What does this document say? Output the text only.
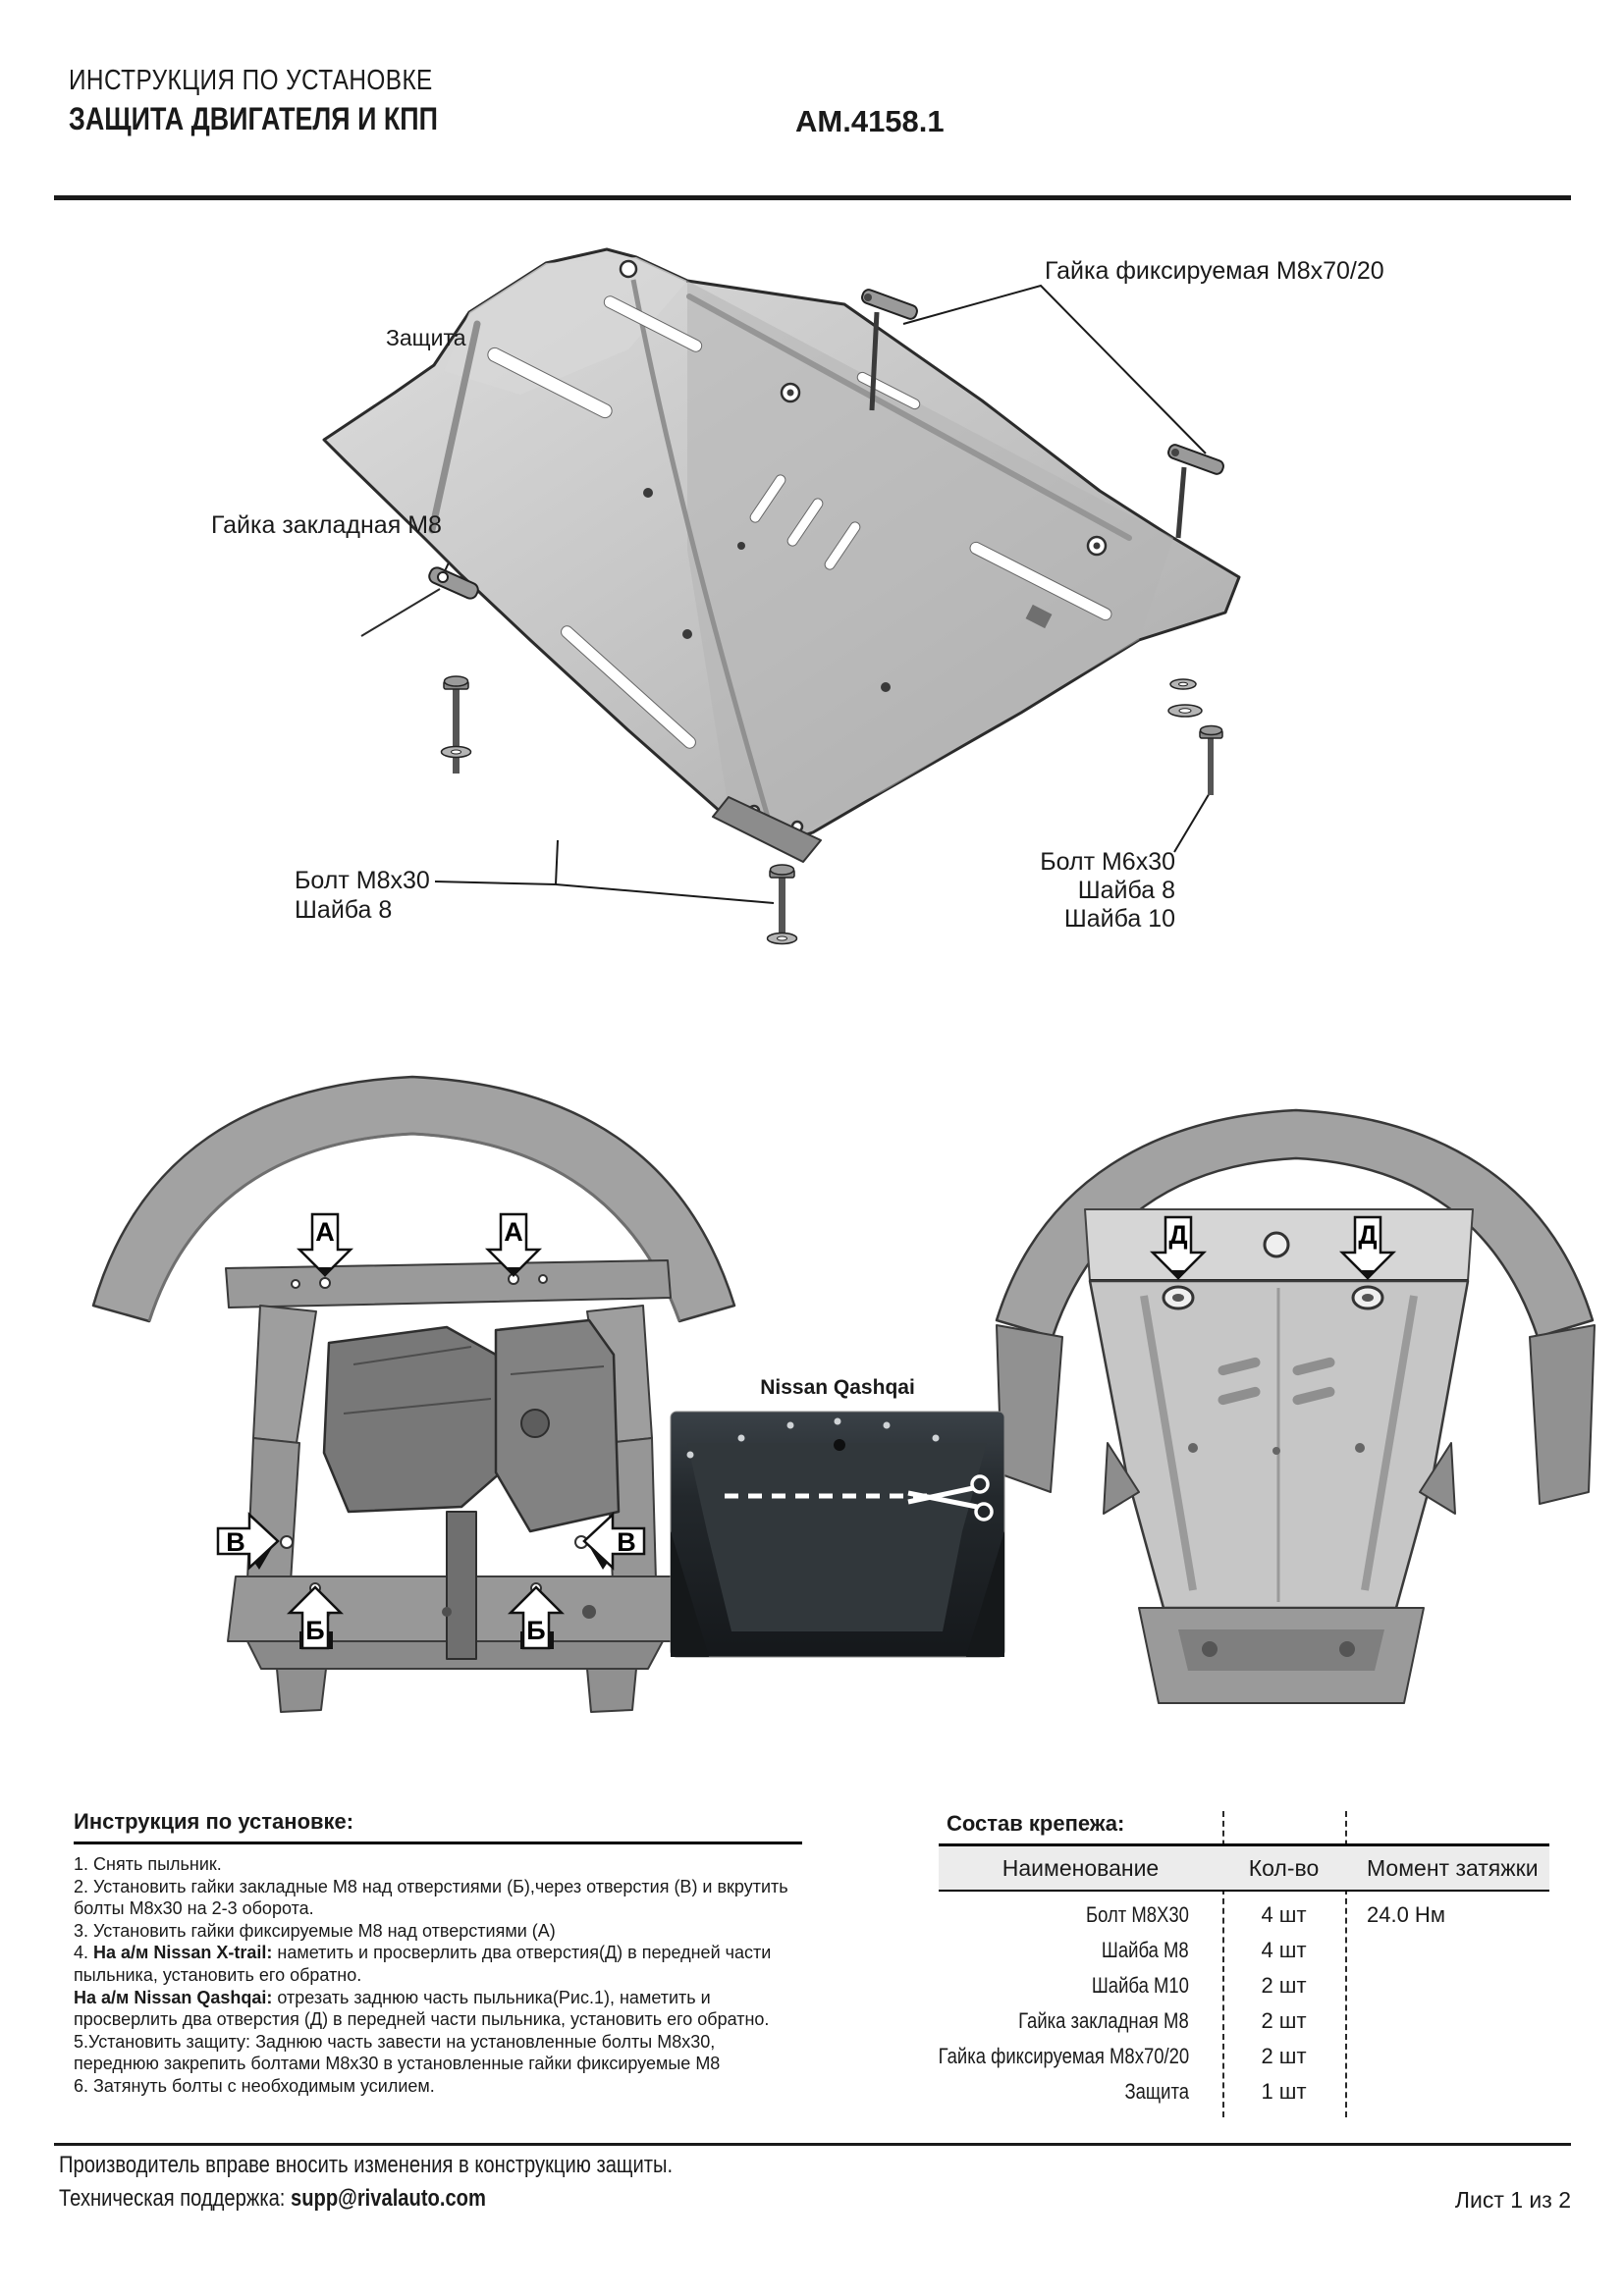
ИНСТРУКЦИЯ ПО УСТАНОВКЕ
ЗАЩИТА ДВИГАТЕЛЯ И КПП	АМ.4158.1
Защита
Гайка фиксируемая М8х70/20
Гайка закладная М8
Болт М8х30
Шайба 8
Болт М6х30
Шайба 8
Шайба 10
А	А
В	В
Б	Б
Д	Д
Nissan Qashqai
Инструкция по установке:

1. Снять пыльник.

2. Установить гайки закладные М8 над отверстиями (Б),через отверстия (В) и вкрутить болты М8х30 на 2-3 оборота.

3. Установить гайки фиксируемые М8 над отверстиями (А)

4. На а/м Nissan X-trail: наметить и просверлить два отверстия(Д) в передней части пыльника, установить его обратно.

На а/м Nissan Qashqai: отрезать заднюю часть пыльника(Рис.1), наметить и просверлить два отверстия (Д) в передней части пыльника, установить его обратно.

5.Установить защиту: Заднюю часть завести на установленные болты М8х30, переднюю закрепить болтами М8х30 в установленные гайки фиксируемые М8

6. Затянуть болты с необходимым усилием.

Состав крепежа:
Наименование	Кол-во	Момент затяжки
Болт М8Х30	4 шт	24.0 Нм
Шайба М8	4 шт
Шайба М10	2 шт
Гайка закладная М8	2 шт
Гайка фиксируемая М8х70/20	2 шт
Защита	1 шт
Производитель вправе вносить изменения в конструкцию защиты.
Техническая поддержка: supp@rivalauto.com	Лист 1 из 2
